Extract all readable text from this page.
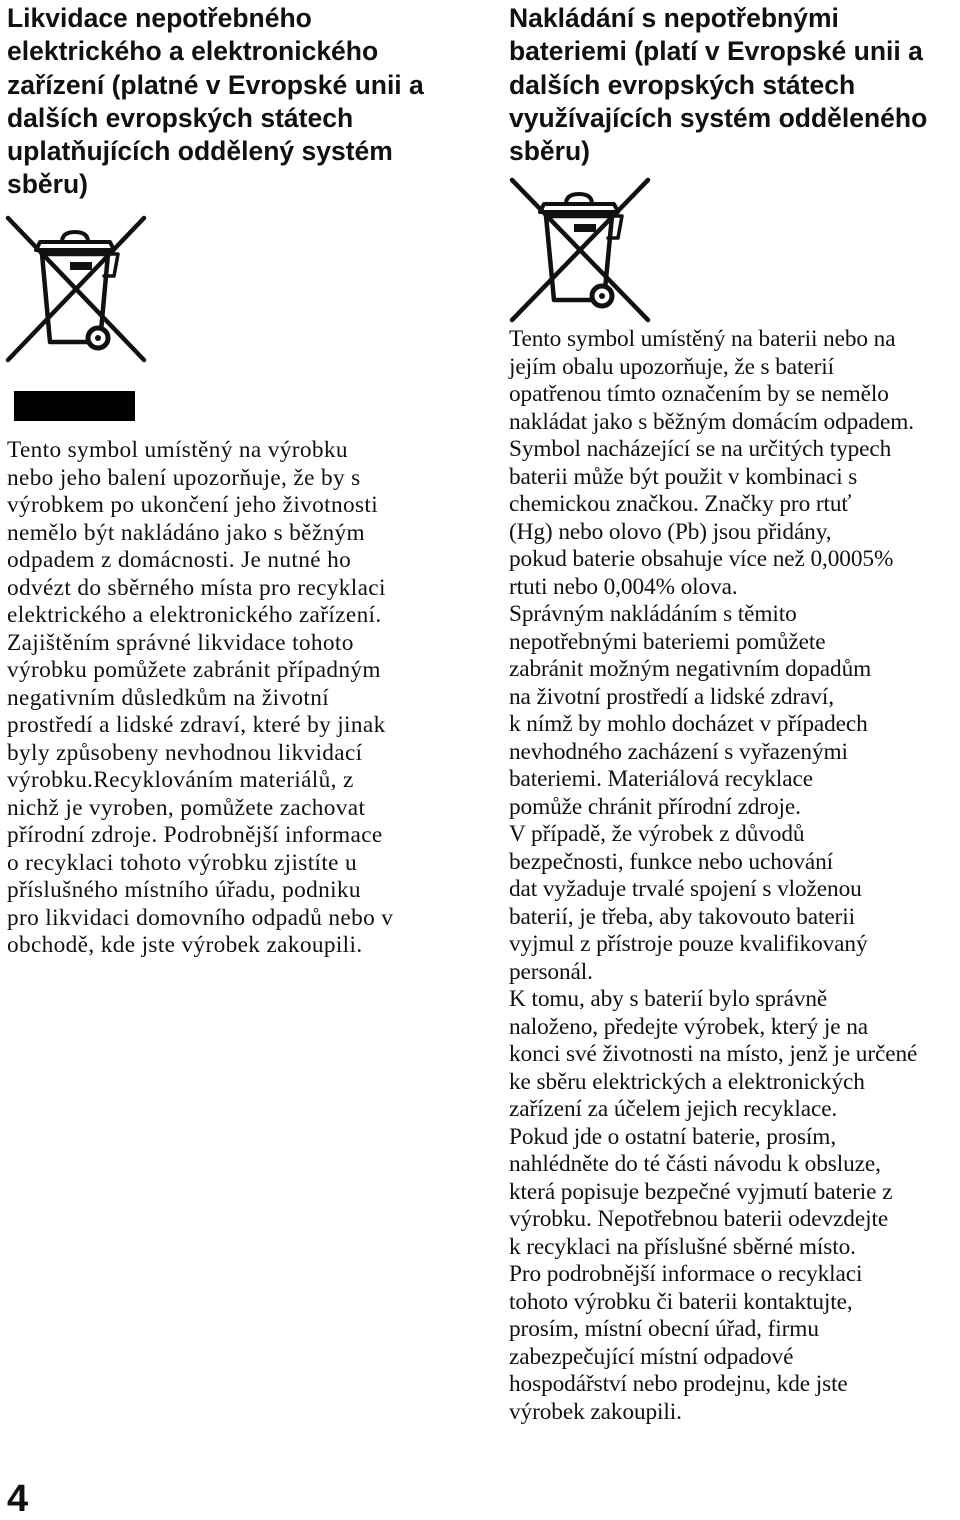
Likvidace nepotřebného elektrického a elektronického zařízení (platné v Evropské unii a dalších evropských státech uplatňujících oddělený systém sběru)

Tento symbol umístěný na výrobku
nebo jeho balení upozorňuje, že by s
výrobkem po ukončení jeho životnosti
nemělo být nakládáno jako s běžným
odpadem z domácnosti. Je nutné ho
odvézt do sběrného místa pro recyklaci
elektrického a elektronického zařízení.
Zajištěním správné likvidace tohoto
výrobku pomůžete zabránit případným
negativním důsledkům na životní
prostředí a lidské zdraví, které by jinak
byly způsobeny nevhodnou likvidací
výrobku.Recyklováním materiálů, z
nichž je vyroben, pomůžete zachovat
přírodní zdroje. Podrobnější informace
o recyklaci tohoto výrobku zjistíte u
příslušného místního úřadu, podniku
pro likvidaci domovního odpadů nebo v
obchodě, kde jste výrobek zakoupili.

Nakládání s nepotřebnými bateriemi (platí v Evropské unii a dalších evropských státech využívajících systém odděleného sběru)

Tento symbol umístěný na baterii nebo na
jejím obalu upozorňuje, že s baterií
opatřenou tímto označením by se nemělo
nakládat jako s běžným domácím odpadem.
Symbol nacházející se na určitých typech
baterii může být použit v kombinaci s
chemickou značkou. Značky pro rtuť
(Hg) nebo olovo (Pb) jsou přidány,
pokud baterie obsahuje více než 0,0005%
rtuti nebo 0,004% olova.
Správným nakládáním s těmito
nepotřebnými bateriemi pomůžete
zabránit možným negativním dopadům
na životní prostředí a lidské zdraví,
k nímž by mohlo docházet v případech
nevhodného zacházení s vyřazenými
bateriemi. Materiálová recyklace
pomůže chránit přírodní zdroje.
V případě, že výrobek z důvodů
bezpečnosti, funkce nebo uchování
dat vyžaduje trvalé spojení s vloženou
baterií, je třeba, aby takovouto baterii
vyjmul z přístroje pouze kvalifikovaný
personál.
K tomu, aby s baterií bylo správně
naloženo, předejte výrobek, který je na
konci své životnosti na místo, jenž je určené
ke sběru elektrických a elektronických
zařízení za účelem jejich recyklace.
Pokud jde o ostatní baterie, prosím,
nahlédněte do té části návodu k obsluze,
která popisuje bezpečné vyjmutí baterie z
výrobku. Nepotřebnou baterii odevzdejte
k recyklaci na příslušné sběrné místo.
Pro podrobnější informace o recyklaci
tohoto výrobku či baterii kontaktujte,
prosím, místní obecní úřad, firmu
zabezpečující místní odpadové
hospodářství nebo prodejnu, kde jste
výrobek zakoupili.

4
